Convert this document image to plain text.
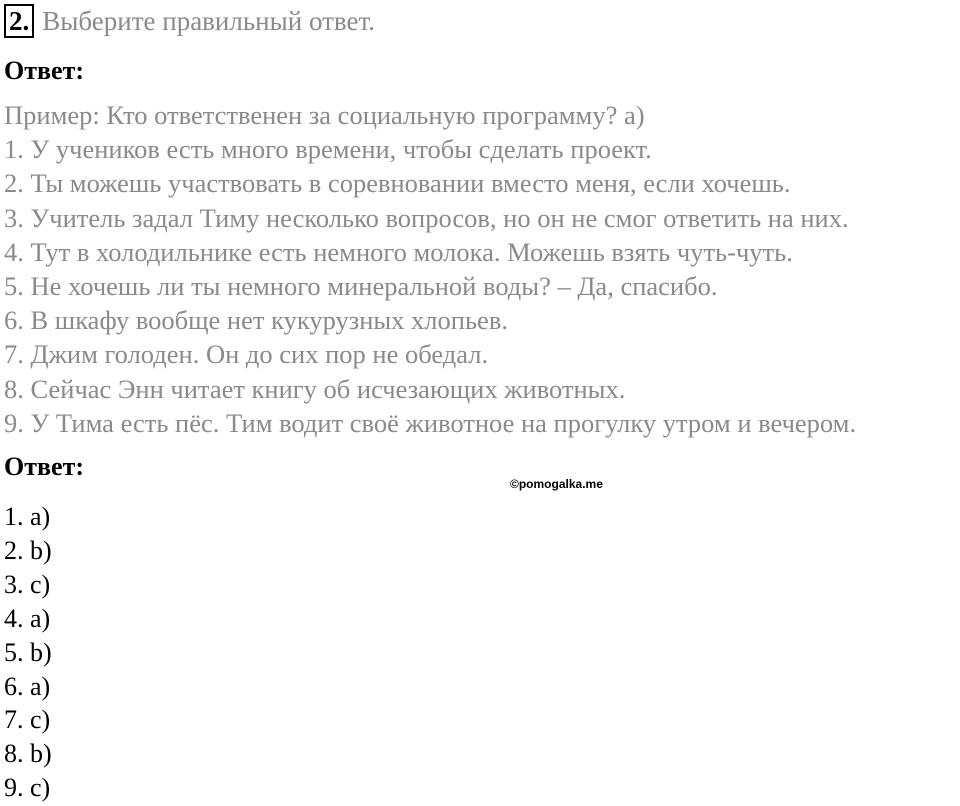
2. Выберите правильный ответ.
Ответ:
Пример: Кто ответственен за социальную программу? а)
1. У учеников есть много времени, чтобы сделать проект.
2. Ты можешь участвовать в соревновании вместо меня, если хочешь.
3. Учитель задал Тиму несколько вопросов, но он не смог ответить на них.
4. Тут в холодильнике есть немного молока. Можешь взять чуть-чуть.
5. Не хочешь ли ты немного минеральной воды? – Да, спасибо.
6. В шкафу вообще нет кукурузных хлопьев.
7. Джим голоден. Он до сих пор не обедал.
8. Сейчас Энн читает книгу об исчезающих животных.
9. У Тима есть пёс. Тим водит своё животное на прогулку утром и вечером.
Ответ:
©pomogalka.me
1. a)
2. b)
3. c)
4. a)
5. b)
6. a)
7. c)
8. b)
9. c)
